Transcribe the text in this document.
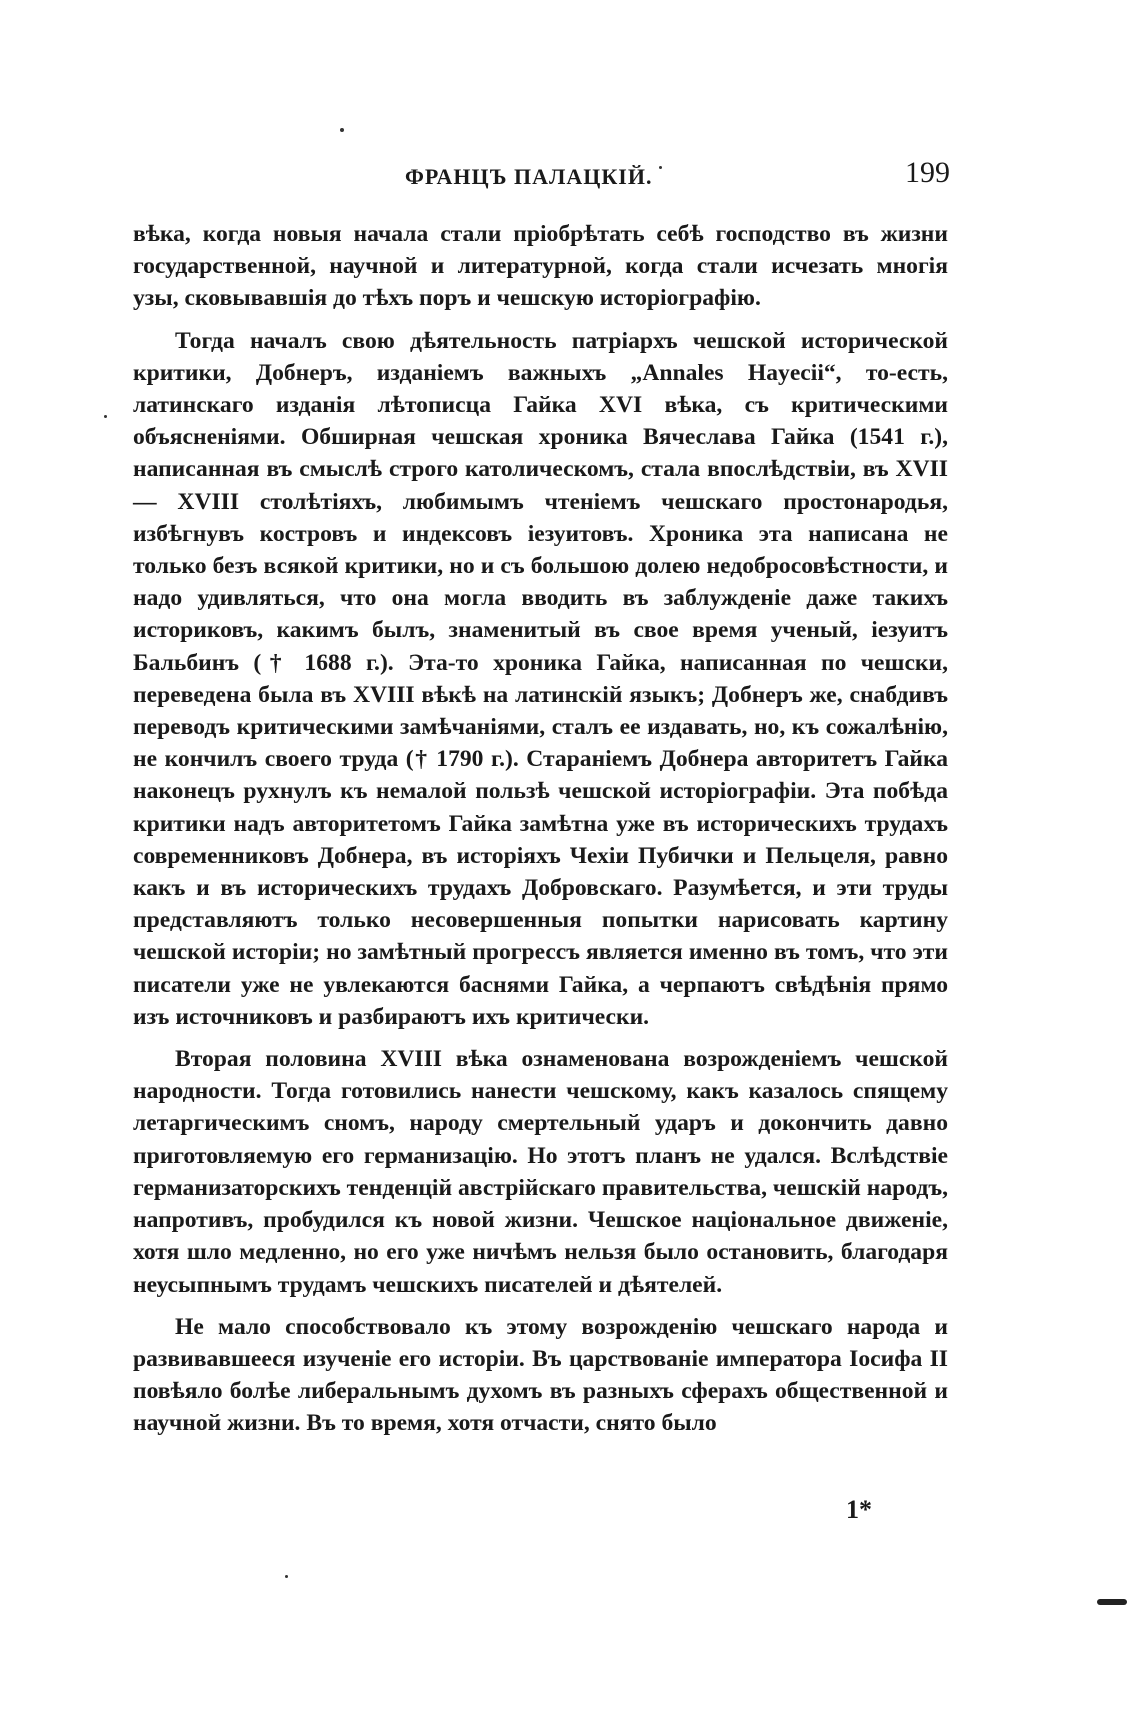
ФРАНЦЪ ПАЛАЦКІЙ.	199

вѣка, когда новыя начала стали пріобрѣтать себѣ господство въ жизни государственной, научной и литературной, когда стали исчезать многія узы, сковывавшія до тѣхъ поръ и чешскую исторіографію.

Тогда началъ свою дѣятельность патріархъ чешской исторической критики, Добнеръ, изданіемъ важныхъ „Annales Hayecii“, то-есть, латинскаго изданія лѣтописца Гайка XVI вѣка, съ критическими объясненіями. Обширная чешская хроника Вячеслава Гайка (1541 г.), написанная въ смыслѣ строго католическомъ, стала впослѣдствіи, въ XVII — XVIII столѣтіяхъ, любимымъ чтеніемъ чешскаго простонародья, избѣгнувъ костровъ и индексовъ іезуитовъ. Хроника эта написана не только безъ всякой критики, но и съ большою долею недобросовѣстности, и надо удивляться, что она могла вводить въ заблужденіе даже такихъ историковъ, какимъ былъ, знаменитый въ свое время ученый, іезуитъ Бальбинъ († 1688 г.). Эта-то хроника Гайка, написанная по чешски, переведена была въ XVIII вѣкѣ на латинскій языкъ; Добнеръ же, снабдивъ переводъ критическими замѣчаніями, сталъ ее издавать, но, къ сожалѣнію, не кончилъ своего труда († 1790 г.). Стараніемъ Добнера авторитетъ Гайка наконецъ рухнулъ къ немалой пользѣ чешской исторіографіи. Эта побѣда критики надъ авторитетомъ Гайка замѣтна уже въ историческихъ трудахъ современниковъ Добнера, въ исторіяхъ Чехіи Пубички и Пельцеля, равно какъ и въ историческихъ трудахъ Добровскаго. Разумѣется, и эти труды представляютъ только несовершенныя попытки нарисовать картину чешской исторіи; но замѣтный прогрессъ является именно въ томъ, что эти писатели уже не увлекаются баснями Гайка, а черпаютъ свѣдѣнія прямо изъ источниковъ и разбираютъ ихъ критически.

Вторая половина XVIII вѣка ознаменована возрожденіемъ чешской народности. Тогда готовились нанести чешскому, какъ казалось спящему летаргическимъ сномъ, народу смертельный ударъ и докончить давно приготовляемую его германизацію. Но этотъ планъ не удался. Вслѣдствіе германизаторскихъ тенденцій австрійскаго правительства, чешскій народъ, напротивъ, пробудился къ новой жизни. Чешское національное движеніе, хотя шло медленно, но его уже ничѣмъ нельзя было остановить, благодаря неусыпнымъ трудамъ чешскихъ писателей и дѣятелей.

Не мало способствовало къ этому возрожденію чешскаго народа и развивавшееся изученіе его исторіи. Въ царствованіе императора Іосифа II повѣяло болѣе либеральнымъ духомъ въ разныхъ сферахъ общественной и научной жизни. Въ то время, хотя отчасти, снято было

1*
